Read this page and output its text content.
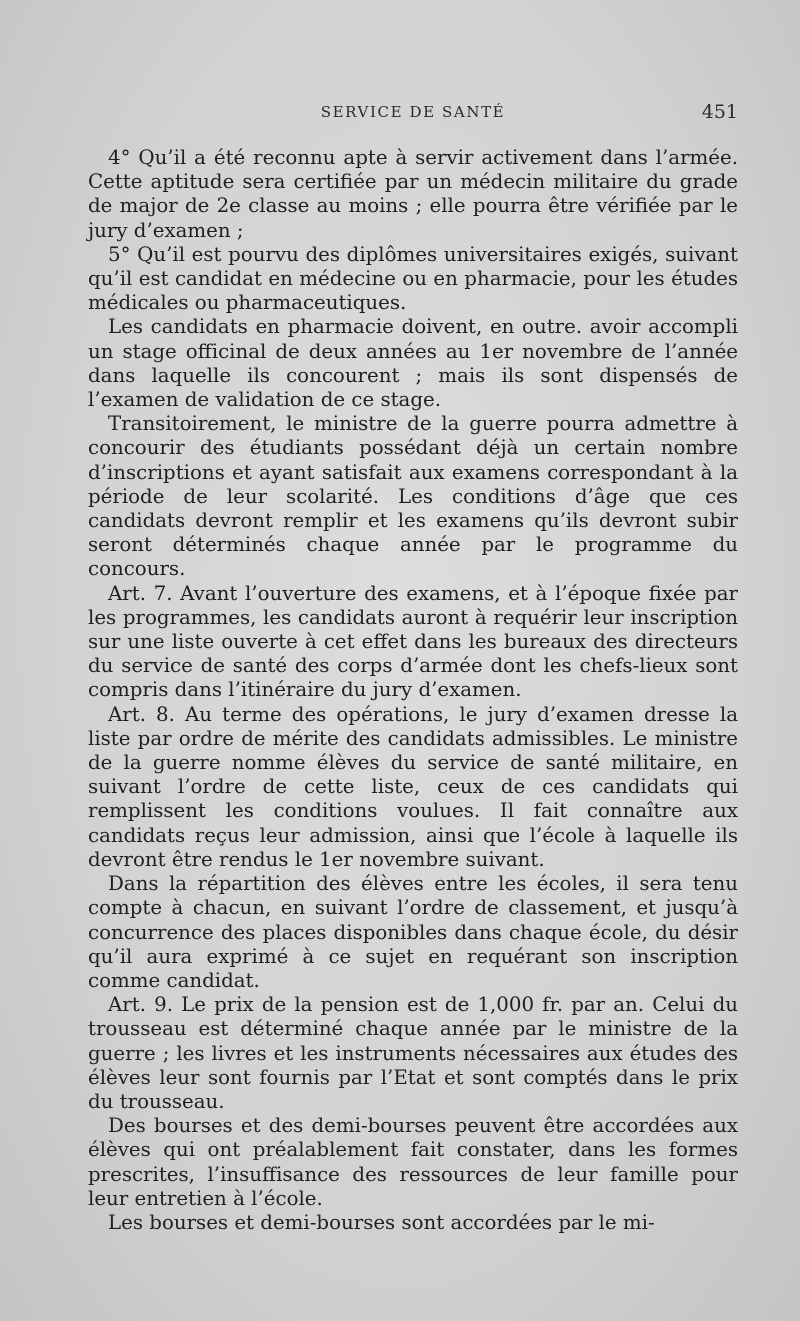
SERVICE DE SANTÉ	451

4° Qu’il a été reconnu apte à servir activement dans l’armée. Cette aptitude sera certifiée par un médecin militaire du grade de major de 2e classe au moins ; elle pourra être vérifiée par le jury d’examen ;

5° Qu’il est pourvu des diplômes universitaires exigés, suivant qu’il est candidat en médecine ou en pharmacie, pour les études médicales ou pharmaceutiques.

Les candidats en pharmacie doivent, en outre. avoir accompli un stage officinal de deux années au 1er novembre de l’année dans laquelle ils concourent ; mais ils sont dispensés de l’examen de validation de ce stage.

Transitoirement, le ministre de la guerre pourra admettre à concourir des étudiants possédant déjà un certain nombre d’inscriptions et ayant satisfait aux examens correspondant à la période de leur scolarité. Les conditions d’âge que ces candidats devront remplir et les examens qu’ils devront subir seront déterminés chaque année par le programme du concours.

Art. 7. Avant l’ouverture des examens, et à l’époque fixée par les programmes, les candidats auront à requérir leur inscription sur une liste ouverte à cet effet dans les bureaux des directeurs du service de santé des corps d’armée dont les chefs-lieux sont compris dans l’itinéraire du jury d’examen.

Art. 8. Au terme des opérations, le jury d’examen dresse la liste par ordre de mérite des candidats admissibles. Le ministre de la guerre nomme élèves du service de santé militaire, en suivant l’ordre de cette liste, ceux de ces candidats qui remplissent les conditions voulues. Il fait connaître aux candidats reçus leur admission, ainsi que l’école à laquelle ils devront être rendus le 1er novembre suivant.

Dans la répartition des élèves entre les écoles, il sera tenu compte à chacun, en suivant l’ordre de classement, et jusqu’à concurrence des places disponibles dans chaque école, du désir qu’il aura exprimé à ce sujet en requérant son inscription comme candidat.

Art. 9. Le prix de la pension est de 1,000 fr. par an. Celui du trousseau est déterminé chaque année par le ministre de la guerre ; les livres et les instruments nécessaires aux études des élèves leur sont fournis par l’Etat et sont comptés dans le prix du trousseau.

Des bourses et des demi-bourses peuvent être accordées aux élèves qui ont préalablement fait constater, dans les formes prescrites, l’insuffisance des ressources de leur famille pour leur entretien à l’école.

Les bourses et demi-bourses sont accordées par le mi-
